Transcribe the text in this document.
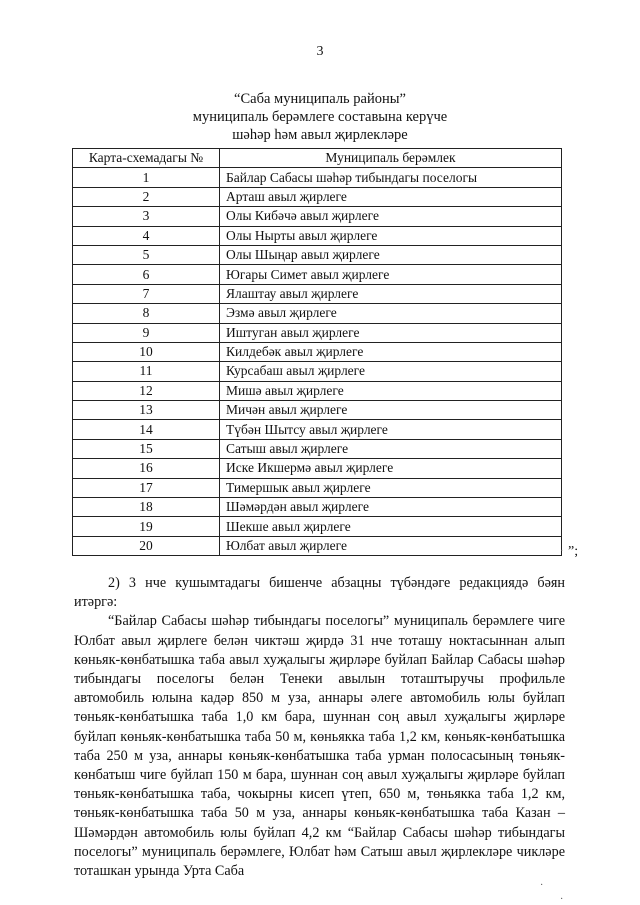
3
“Саба муниципаль районы”
муниципаль берәмлеге составына керүче
шәһәр һәм авыл җирлекләре
Карта-схемадагы №	Муниципаль берәмлек
1	Байлар Сабасы шәһәр тибындагы поселогы
2	Арташ авыл җирлеге
3	Олы Кибәчә авыл җирлеге
4	Олы Нырты авыл җирлеге
5	Олы Шыңар авыл җирлеге
6	Югары Симет авыл җирлеге
7	Ялаштау авыл җирлеге
8	Эзмә авыл җирлеге
9	Иштуган авыл җирлеге
10	Килдебәк авыл җирлеге
11	Курсабаш авыл җирлеге
12	Мишә авыл җирлеге
13	Мичән авыл җирлеге
14	Түбән Шытсу авыл җирлеге
15	Сатыш авыл җирлеге
16	Иске Икшермә авыл җирлеге
17	Тимершык авыл җирлеге
18	Шәмәрдән авыл җирлеге
19	Шекше авыл җирлеге
20	Юлбат авыл җирлеге	”;

2) 3 нче кушымтадагы бишенче абзацны түбәндәге редакциядә бәян итәргә:

“Байлар Сабасы шәһәр тибындагы поселогы” муниципаль берәмлеге чиге Юлбат авыл җирлеге белән чиктәш җирдә 31 нче тоташу ноктасыннан алып көньяк-көнбатышка таба авыл хуҗалыгы җирләре буйлап Байлар Сабасы шәһәр тибындагы поселогы белән Тенеки авылын тоташтыручы профильле автомобиль юлына кадәр 850 м уза, аннары әлеге автомобиль юлы буйлап төньяк-көнбатышка таба 1,0 км бара, шуннан соң авыл хуҗалыгы җирләре буйлап көньяк-көнбатышка таба 50 м, көньякка таба 1,2 км, көньяк-көнбатышка таба 250 м уза, аннары көньяк-көнбатышка таба урман полосасының төньяк-көнбатыш чиге буйлап 150 м бара, шуннан соң авыл хуҗалыгы җирләре буйлап төньяк-көнбатышка таба, чокырны кисеп үтеп, 650 м, төньякка таба 1,2 км, төньяк-көнбатышка таба 50 м уза, аннары көньяк-көнбатышка таба Казан – Шәмәрдән автомобиль юлы буйлап 4,2 км “Байлар Сабасы шәһәр тибындагы поселогы” муниципаль берәмлеге, Юлбат һәм Сатыш авыл җирлекләре чикләре тоташкан урында Урта Саба

·
·
·
